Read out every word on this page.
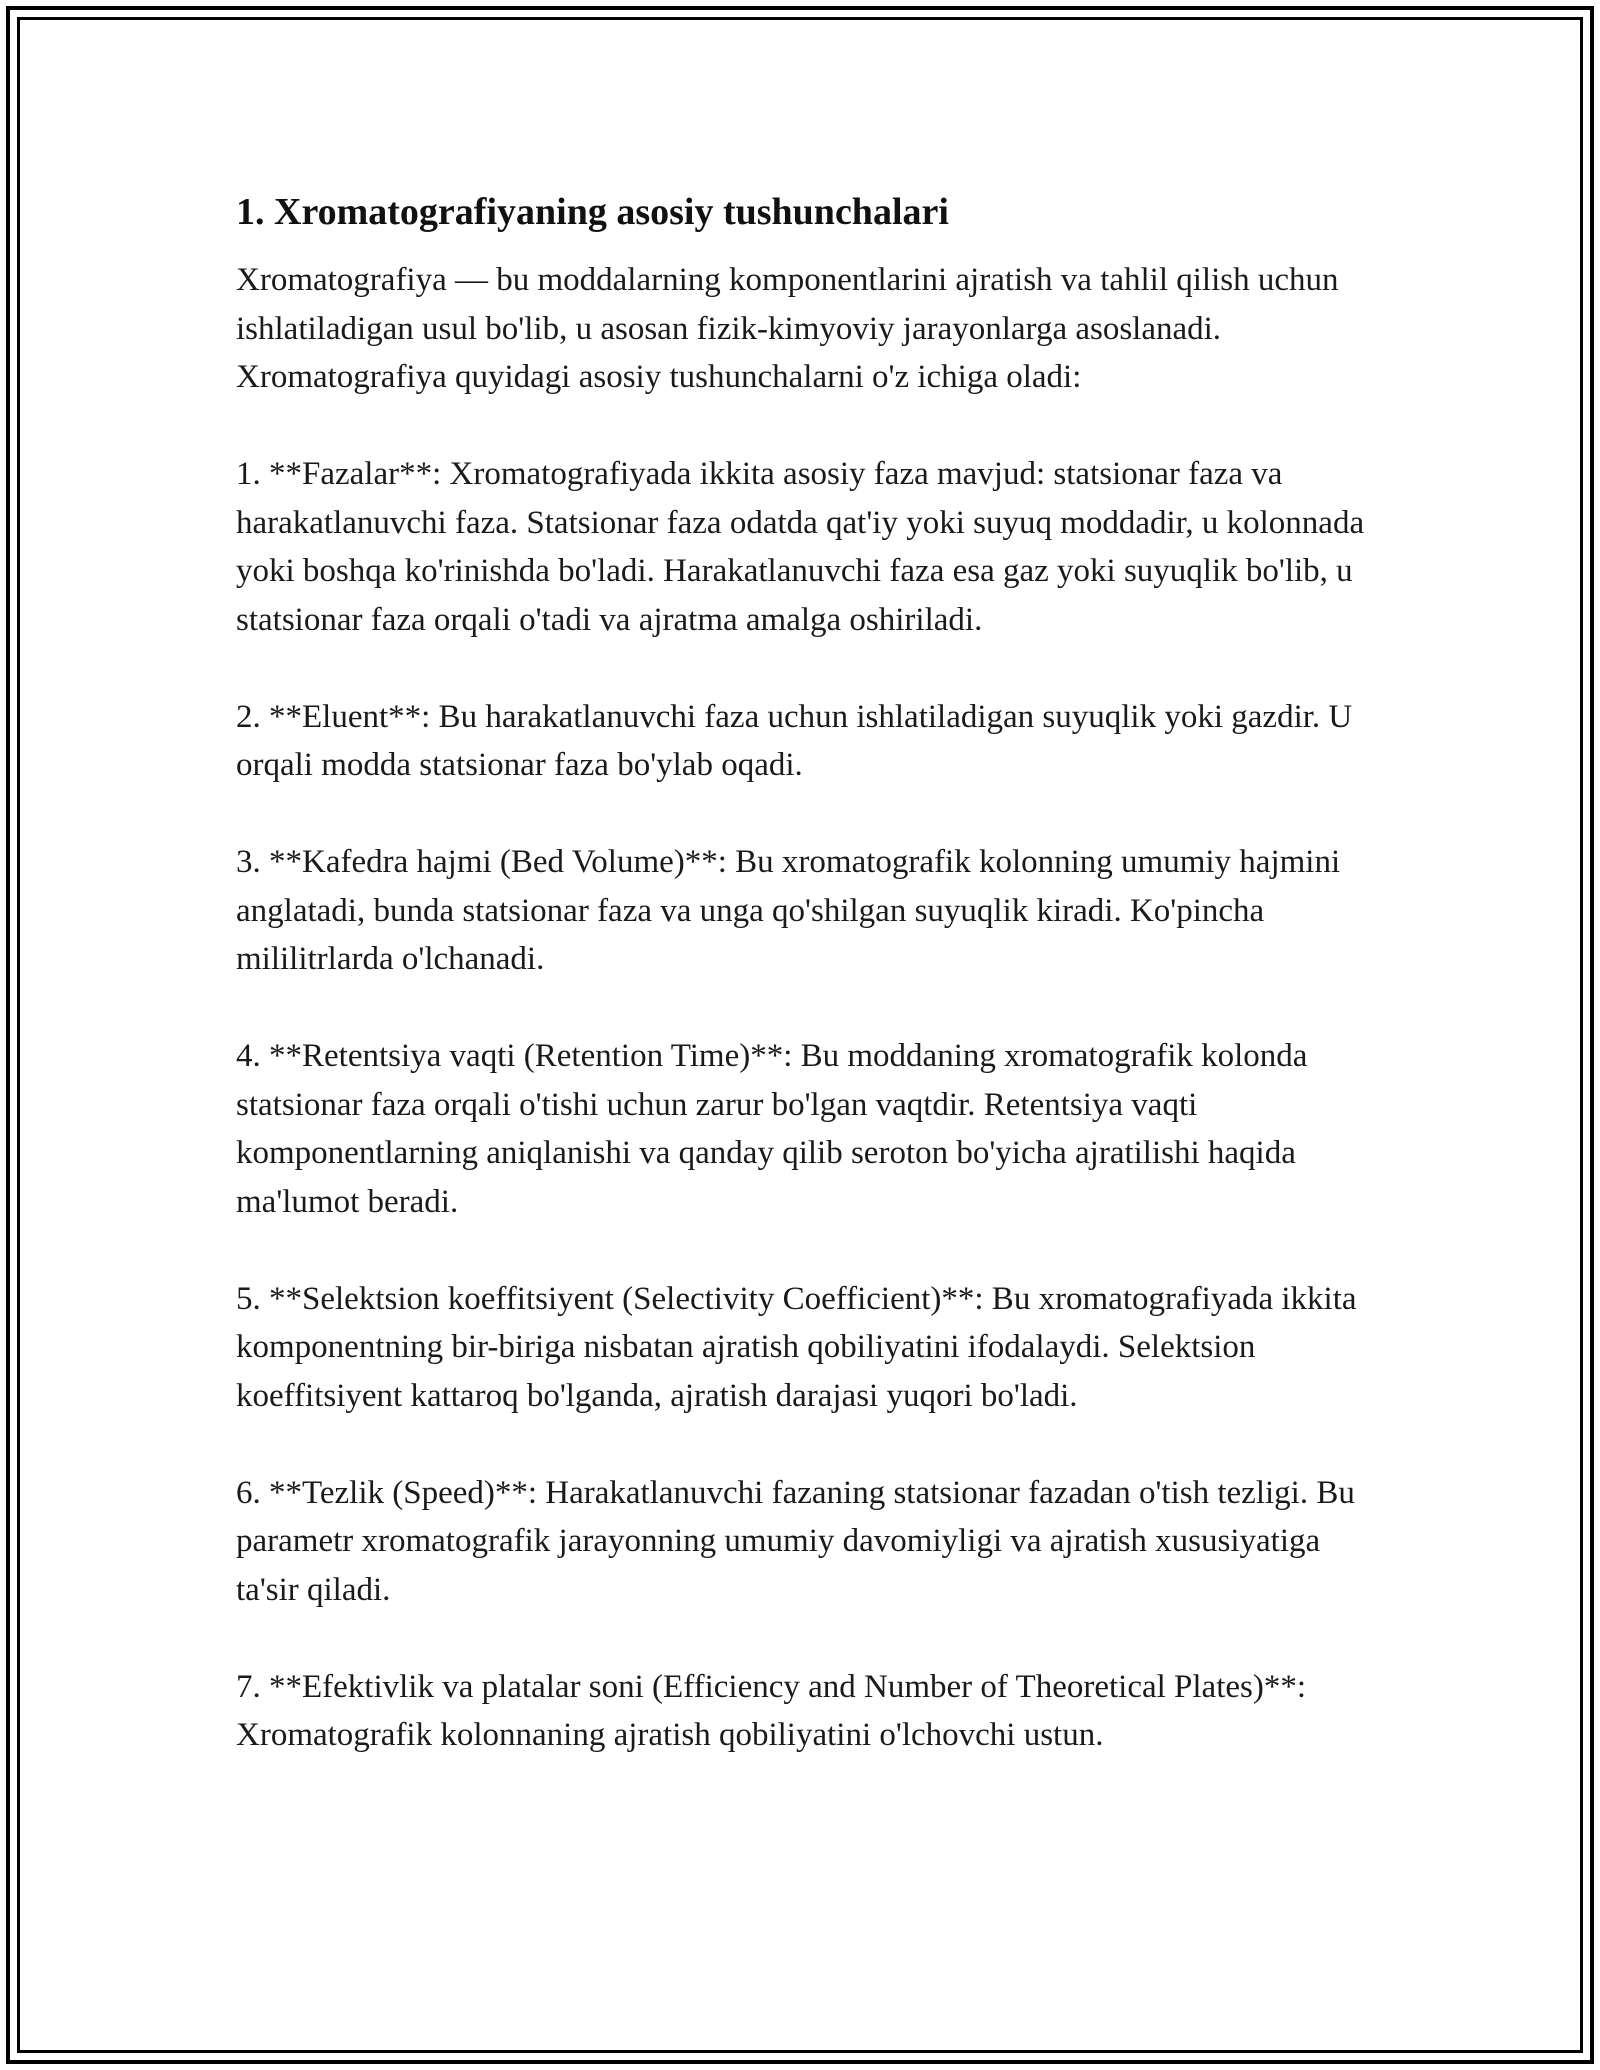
1. Xromatografiyaning asosiy tushunchalari

Xromatografiya — bu moddalarning komponentlarini ajratish va tahlil qilish uchun ishlatiladigan usul bo'lib, u asosan fizik-kimyoviy jarayonlarga asoslanadi. Xromatografiya quyidagi asosiy tushunchalarni o'z ichiga oladi:

1. **Fazalar**: Xromatografiyada ikkita asosiy faza mavjud: statsionar faza va harakatlanuvchi faza. Statsionar faza odatda qat'iy yoki suyuq moddadir, u kolonnada yoki boshqa ko'rinishda bo'ladi. Harakatlanuvchi faza esa gaz yoki suyuqlik bo'lib, u statsionar faza orqali o'tadi va ajratma amalga oshiriladi.

2. **Eluent**: Bu harakatlanuvchi faza uchun ishlatiladigan suyuqlik yoki gazdir. U orqali modda statsionar faza bo'ylab oqadi.

3. **Kafedra hajmi (Bed Volume)**: Bu xromatografik kolonning umumiy hajmini anglatadi, bunda statsionar faza va unga qo'shilgan suyuqlik kiradi. Ko'pincha mililitrlarda o'lchanadi.

4. **Retentsiya vaqti (Retention Time)**: Bu moddaning xromatografik kolonda statsionar faza orqali o'tishi uchun zarur bo'lgan vaqtdir. Retentsiya vaqti komponentlarning aniqlanishi va qanday qilib seroton bo'yicha ajratilishi haqida ma'lumot beradi.

5. **Selektsion koeffitsiyent (Selectivity Coefficient)**: Bu xromatografiyada ikkita komponentning bir-biriga nisbatan ajratish qobiliyatini ifodalaydi. Selektsion koeffitsiyent kattaroq bo'lganda, ajratish darajasi yuqori bo'ladi.

6. **Tezlik (Speed)**: Harakatlanuvchi fazaning statsionar fazadan o'tish tezligi. Bu parametr xromatografik jarayonning umumiy davomiyligi va ajratish xususiyatiga ta'sir qiladi.

7. **Efektivlik va platalar soni (Efficiency and Number of Theoretical Plates)**: Xromatografik kolonnaning ajratish qobiliyatini o'lchovchi ustun.
